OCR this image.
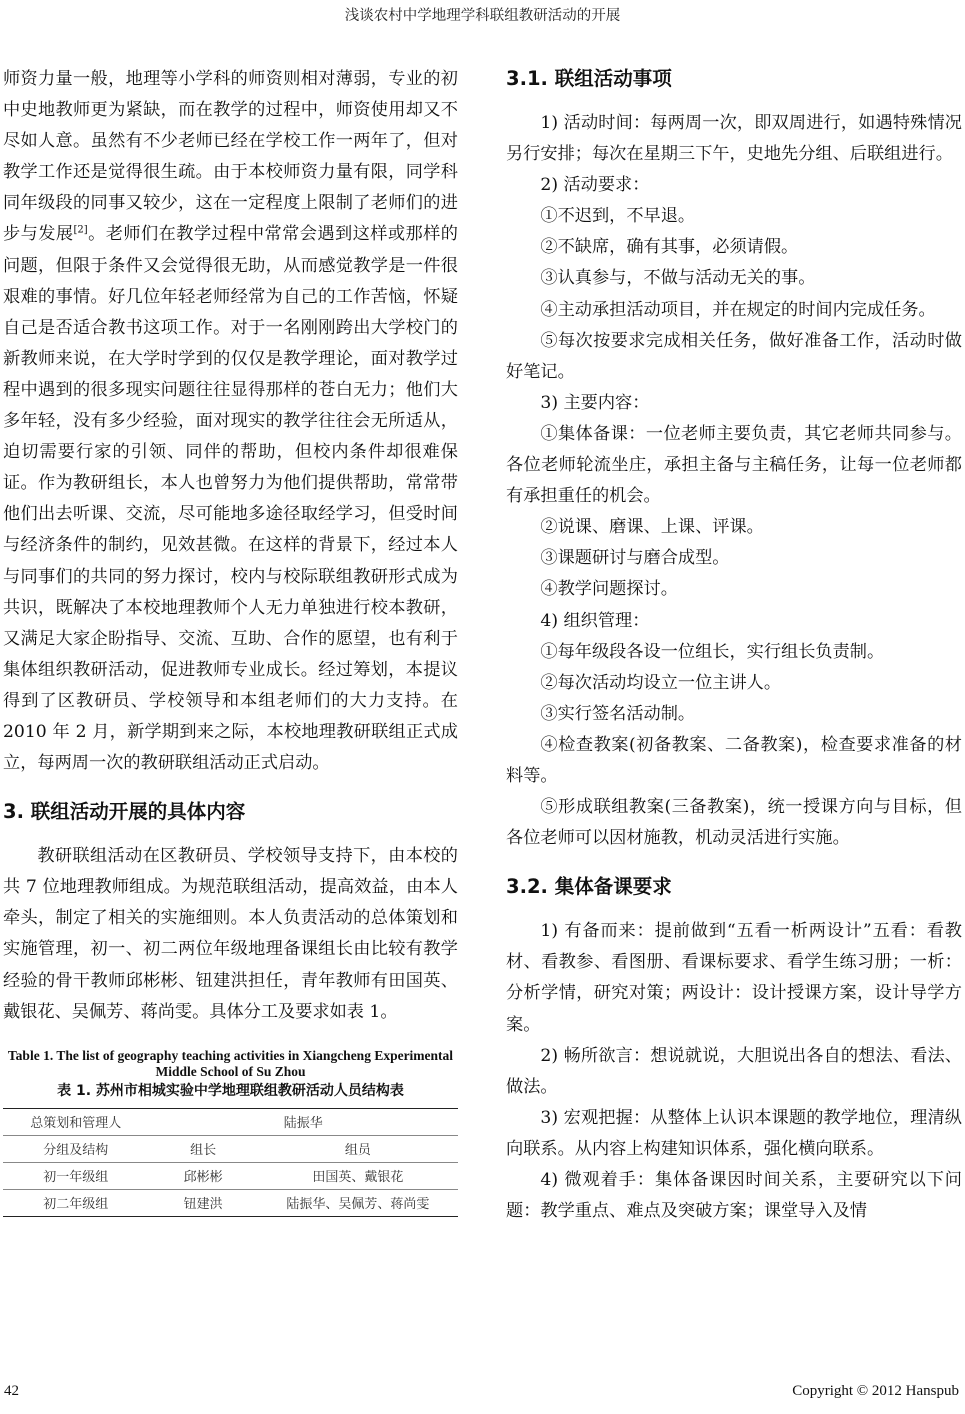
浅谈农村中学地理学科联组教研活动的开展

师资力量一般，地理等小学科的师资则相对薄弱，专业的初中史地教师更为紧缺，而在教学的过程中，师资使用却又不尽如人意。虽然有不少老师已经在学校工作一两年了，但对教学工作还是觉得很生疏。由于本校师资力量有限，同学科同年级段的同事又较少，这在一定程度上限制了老师们的进步与发展[2]。老师们在教学过程中常常会遇到这样或那样的问题，但限于条件又会觉得很无助，从而感觉教学是一件很艰难的事情。好几位年轻老师经常为自己的工作苦恼，怀疑自己是否适合教书这项工作。对于一名刚刚跨出大学校门的新教师来说，在大学时学到的仅仅是教学理论，面对教学过程中遇到的很多现实问题往往显得那样的苍白无力；他们大多年轻，没有多少经验，面对现实的教学往往会无所适从，迫切需要行家的引领、同伴的帮助，但校内条件却很难保证。作为教研组长，本人也曾努力为他们提供帮助，常常带他们出去听课、交流，尽可能地多途径取经学习，但受时间与经济条件的制约，见效甚微。在这样的背景下，经过本人与同事们的共同的努力探讨，校内与校际联组教研形式成为共识，既解决了本校地理教师个人无力单独进行校本教研，又满足大家企盼指导、交流、互助、合作的愿望，也有利于集体组织教研活动，促进教师专业成长。经过筹划，本提议得到了区教研员、学校领导和本组老师们的大力支持。在 2010 年 2 月，新学期到来之际，本校地理教研联组正式成立，每两周一次的教研联组活动正式启动。

3. 联组活动开展的具体内容

教研联组活动在区教研员、学校领导支持下，由本校的共 7 位地理教师组成。为规范联组活动，提高效益，由本人牵头，制定了相关的实施细则。本人负责活动的总体策划和实施管理，初一、初二两位年级地理备课组长由比较有教学经验的骨干教师邱彬彬、钮建洪担任，青年教师有田国英、戴银花、吴佩芳、蒋尚雯。具体分工及要求如表 1。

Table 1. The list of geography teaching activities in Xiangcheng Experimental Middle School of Su Zhou
表 1. 苏州市相城实验中学地理联组教研活动人员结构表
总策划和管理人	陆振华	
分组及结构	组长	组员
初一年级组	邱彬彬	田国英、戴银花
初二年级组	钮建洪	陆振华、吴佩芳、蒋尚雯
3.1. 联组活动事项

1) 活动时间：每两周一次，即双周进行，如遇特殊情况另行安排；每次在星期三下午，史地先分组、后联组进行。

2) 活动要求：

①不迟到，不早退。

②不缺席，确有其事，必须请假。

③认真参与，不做与活动无关的事。

④主动承担活动项目，并在规定的时间内完成任务。

⑤每次按要求完成相关任务，做好准备工作，活动时做好笔记。

3) 主要内容：

①集体备课：一位老师主要负责，其它老师共同参与。各位老师轮流坐庄，承担主备与主稿任务，让每一位老师都有承担重任的机会。

②说课、磨课、上课、评课。

③课题研讨与磨合成型。

④教学问题探讨。

4) 组织管理：

①每年级段各设一位组长，实行组长负责制。

②每次活动均设立一位主讲人。

③实行签名活动制。

④检查教案(初备教案、二备教案)，检查要求准备的材料等。

⑤形成联组教案(三备教案)，统一授课方向与目标，但各位老师可以因材施教，机动灵活进行实施。

3.2. 集体备课要求

1) 有备而来：提前做到“五看一析两设计”五看：看教材、看教参、看图册、看课标要求、看学生练习册；一析：分析学情，研究对策；两设计：设计授课方案，设计导学方案。

2) 畅所欲言：想说就说，大胆说出各自的想法、看法、做法。

3) 宏观把握：从整体上认识本课题的教学地位，理清纵向联系。从内容上构建知识体系，强化横向联系。

4) 微观着手：集体备课因时间关系，主要研究以下问题：教学重点、难点及突破方案；课堂导入及情

42	Copyright © 2012 Hanspub
